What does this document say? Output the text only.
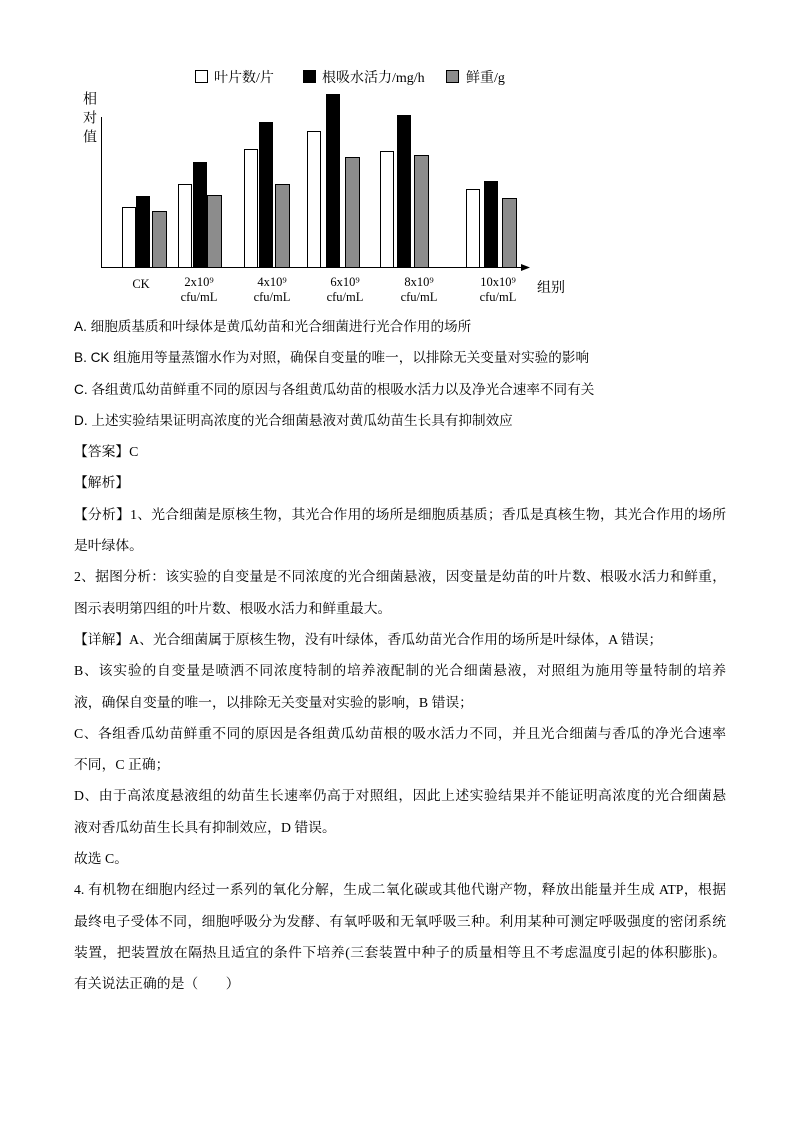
叶片数/片	根吸水活力/mg/h	鲜重/g
CK	2x10⁹
cfu/mL
4x10⁹
cfu/mL
6x10⁹
cfu/mL
8x10⁹
cfu/mL
10x10⁹
cfu/mL
组别
相对值
A. 细胞质基质和叶绿体是黄瓜幼苗和光合细菌进行光合作用的场所
B. CK 组施用等量蒸馏水作为对照，确保自变量的唯一，以排除无关变量对实验的影响
C. 各组黄瓜幼苗鲜重不同的原因与各组黄瓜幼苗的根吸水活力以及净光合速率不同有关
D. 上述实验结果证明高浓度的光合细菌悬液对黄瓜幼苗生长具有抑制效应
【答案】C
【解析】
【分析】1、光合细菌是原核生物，其光合作用的场所是细胞质基质；香瓜是真核生物，其光合作用的场所
是叶绿体。
2、据图分析：该实验的自变量是不同浓度的光合细菌悬液，因变量是幼苗的叶片数、根吸水活力和鲜重，
图示表明第四组的叶片数、根吸水活力和鲜重最大。
【详解】A、光合细菌属于原核生物，没有叶绿体，香瓜幼苗光合作用的场所是叶绿体，A 错误；
B、该实验的自变量是喷洒不同浓度特制的培养液配制的光合细菌悬液，对照组为施用等量特制的培养
液，确保自变量的唯一，以排除无关变量对实验的影响，B 错误；
C、各组香瓜幼苗鲜重不同的原因是各组黄瓜幼苗根的吸水活力不同，并且光合细菌与香瓜的净光合速率
不同，C 正确；
D、由于高浓度悬液组的幼苗生长速率仍高于对照组，因此上述实验结果并不能证明高浓度的光合细菌悬
液对香瓜幼苗生长具有抑制效应，D 错误。
故选 C。
4. 有机物在细胞内经过一系列的氧化分解，生成二氧化碳或其他代谢产物，释放出能量并生成 ATP，根据
最终电子受体不同，细胞呼吸分为发酵、有氧呼吸和无氧呼吸三种。利用某种可测定呼吸强度的密闭系统
装置，把装置放在隔热且适宜的条件下培养(三套装置中种子的质量相等且不考虑温度引起的体积膨胀)。
有关说法正确的是（　　）
